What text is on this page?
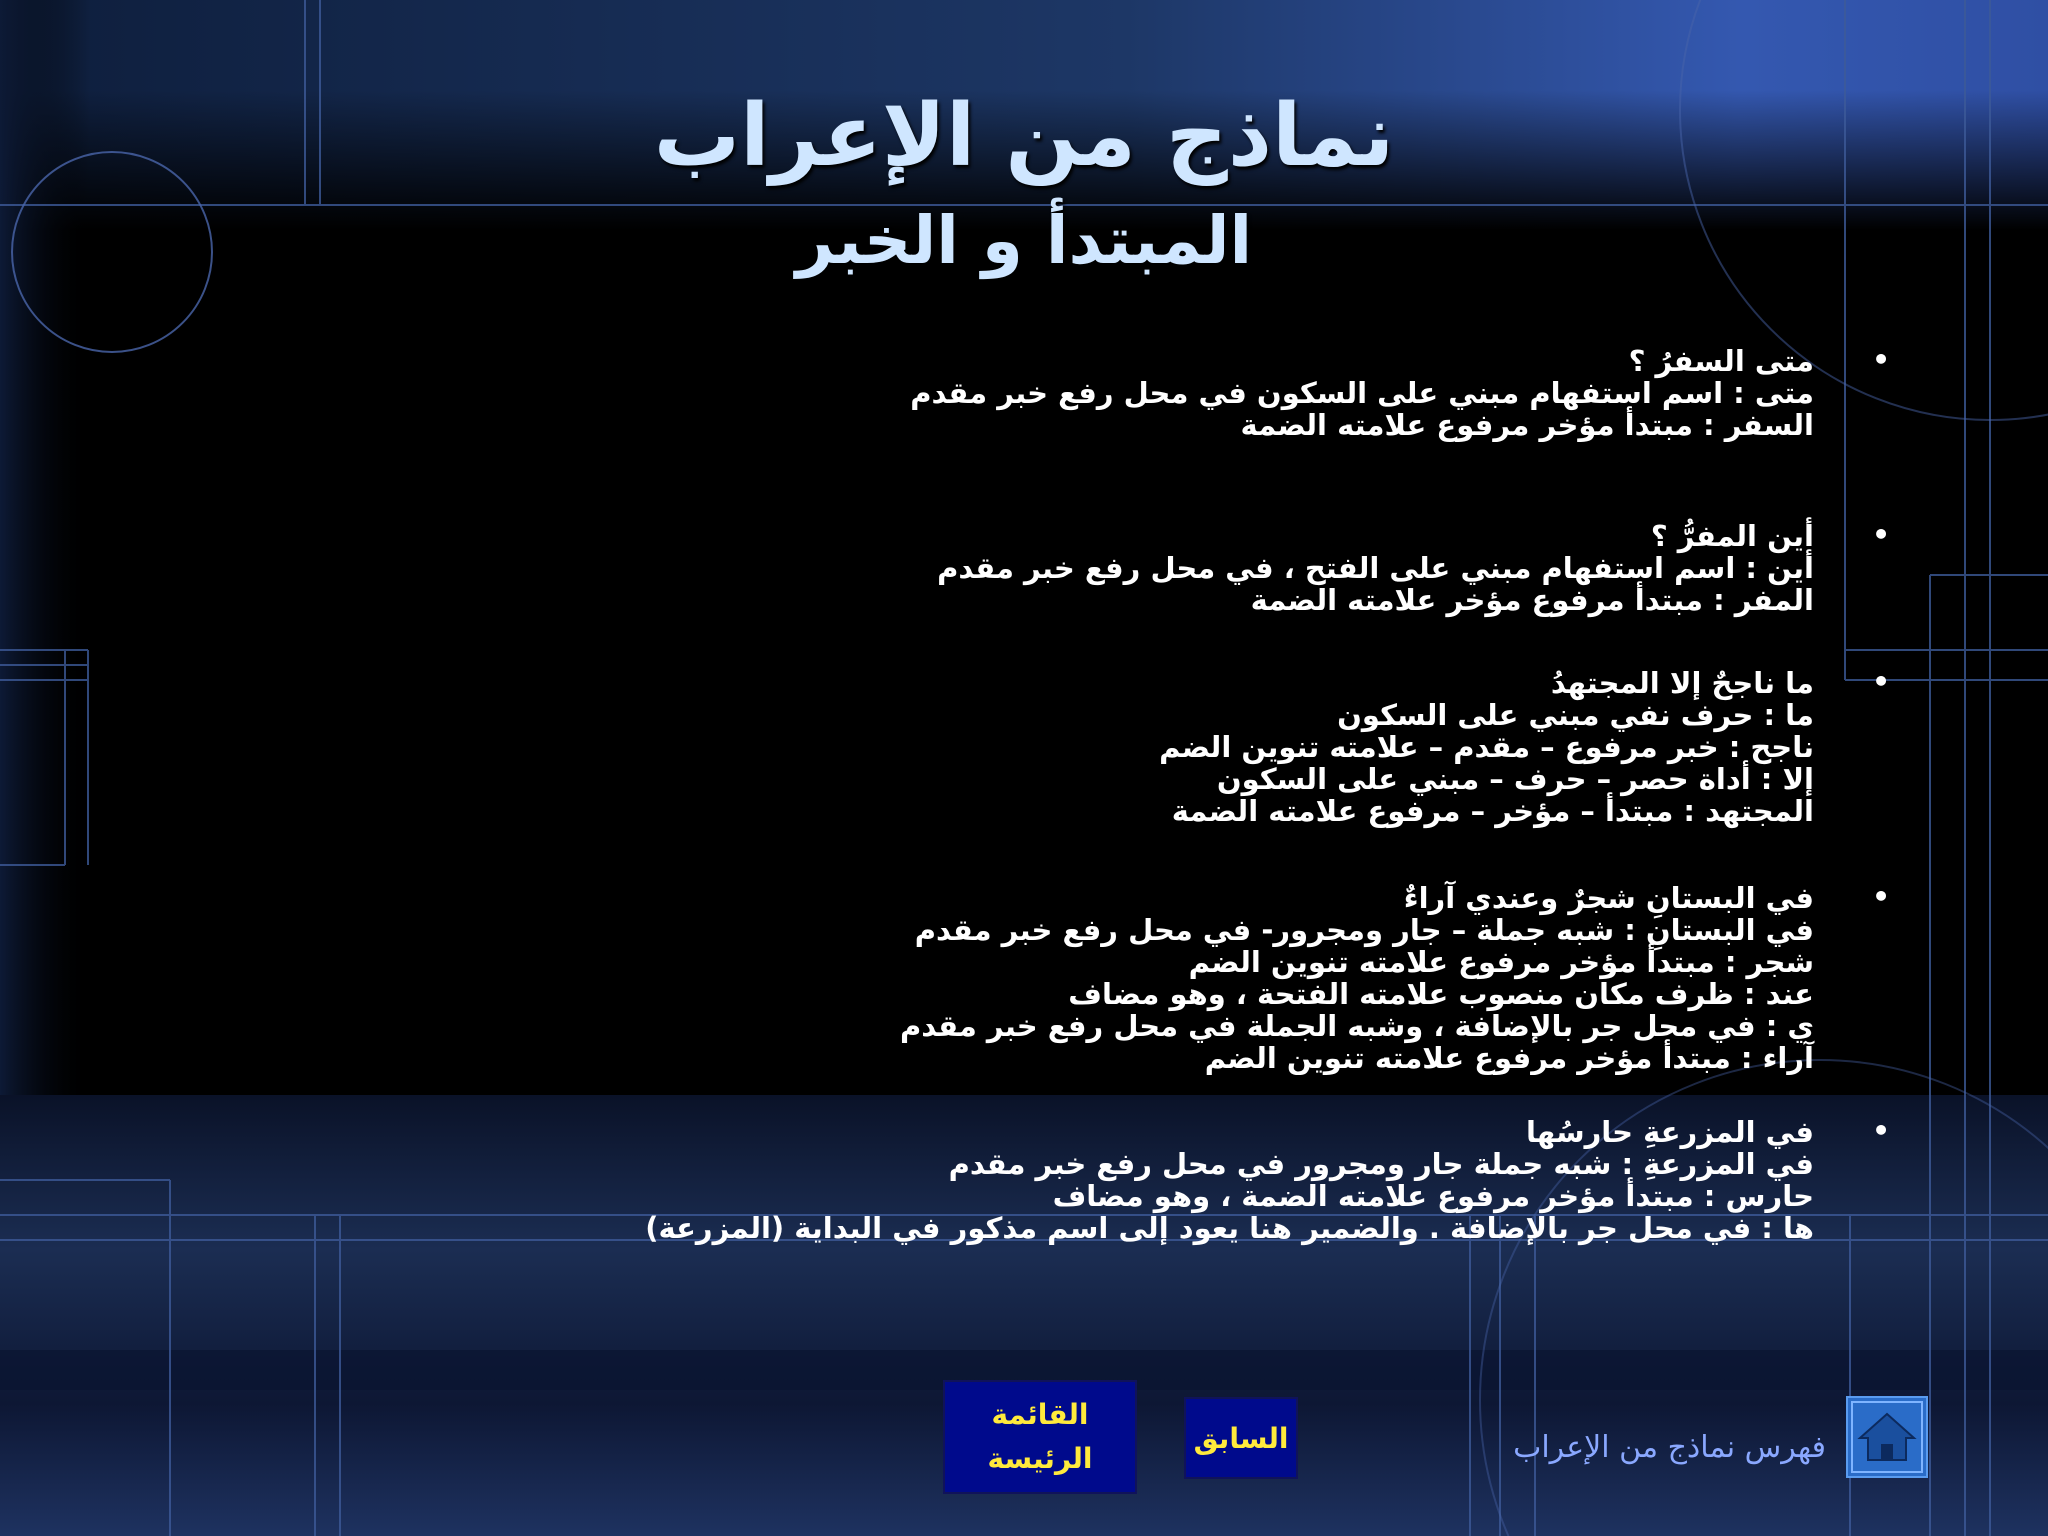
نماذج من الإعراب
المبتدأ و الخبر
•
متى السفرُ ؟
متى : اسم استفهام مبني على السكون في محل رفع خبر مقدم
السفر : مبتدأ مؤخر مرفوع علامته الضمة
•
أين المفرُّ ؟
أين : اسم استفهام مبني على الفتح ، في محل رفع خبر مقدم
المفر : مبتدأ مرفوع مؤخر علامته الضمة
•
ما ناجحٌ إلا المجتهدُ
ما : حرف نفي مبني على السكون
ناجح : خبر مرفوع – مقدم – علامته تنوين الضم
إلا : أداة حصر – حرف – مبني على السكون
المجتهد : مبتدأ – مؤخر – مرفوع علامته الضمة
•
في البستانِ شجرٌ وعندي آراءٌ
في البستانِ : شبه جملة – جار ومجرور- في محل رفع خبر مقدم
شجر : مبتدأ مؤخر مرفوع علامته تنوين الضم
عند : ظرف مكان منصوب علامته الفتحة ، وهو مضاف
ي : في محل جر بالإضافة ، وشبه الجملة في محل رفع خبر مقدم
آراء : مبتدأ مؤخر مرفوع علامته تنوين الضم
•
في المزرعةِ حارسُها
في المزرعةِ : شبه جملة جار ومجرور في محل رفع خبر مقدم
حارس : مبتدأ مؤخر مرفوع علامته الضمة ، وهو مضاف
ها : في محل جر بالإضافة . والضمير هنا يعود إلى اسم مذكور في البداية (المزرعة)
القائمة
الرئيسة
السابق	فهرس نماذج من الإعراب
